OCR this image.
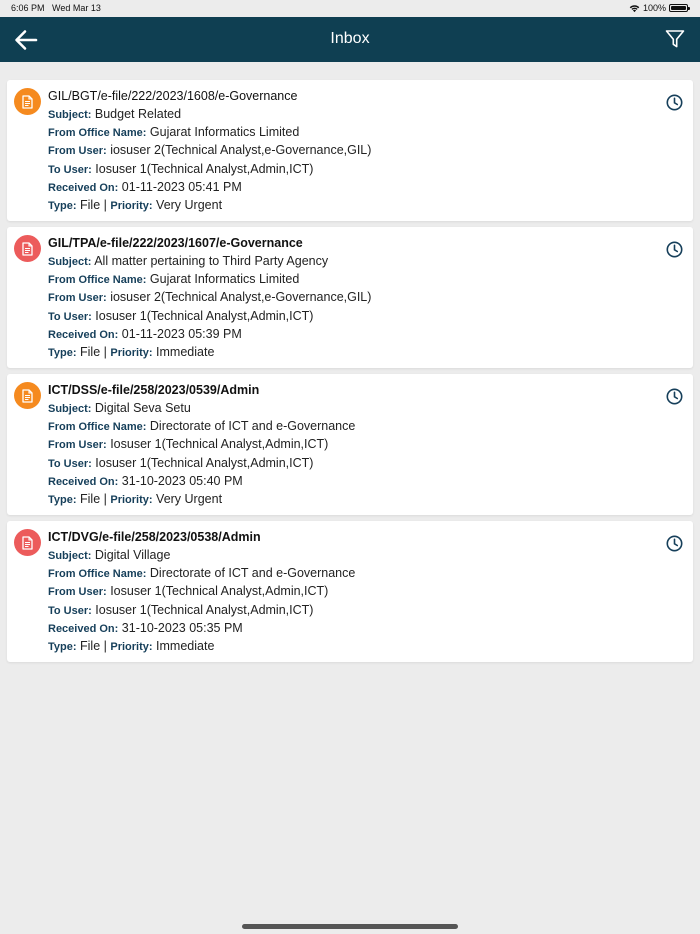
6:06 PM Wed Mar 13	100%
Inbox
GIL/BGT/e-file/222/2023/1608/e-Governance
Subject: Budget Related
From Office Name: Gujarat Informatics Limited
From User: iosuser 2(Technical Analyst,e-Governance,GIL)
To User: Iosuser 1(Technical Analyst,Admin,ICT)
Received On: 01-11-2023 05:41 PM
Type: File | Priority: Very Urgent
GIL/TPA/e-file/222/2023/1607/e-Governance
Subject: All matter pertaining to Third Party Agency
From Office Name: Gujarat Informatics Limited
From User: iosuser 2(Technical Analyst,e-Governance,GIL)
To User: Iosuser 1(Technical Analyst,Admin,ICT)
Received On: 01-11-2023 05:39 PM
Type: File | Priority: Immediate
ICT/DSS/e-file/258/2023/0539/Admin
Subject: Digital Seva Setu
From Office Name: Directorate of ICT and e-Governance
From User: Iosuser 1(Technical Analyst,Admin,ICT)
To User: Iosuser 1(Technical Analyst,Admin,ICT)
Received On: 31-10-2023 05:40 PM
Type: File | Priority: Very Urgent
ICT/DVG/e-file/258/2023/0538/Admin
Subject: Digital Village
From Office Name: Directorate of ICT and e-Governance
From User: Iosuser 1(Technical Analyst,Admin,ICT)
To User: Iosuser 1(Technical Analyst,Admin,ICT)
Received On: 31-10-2023 05:35 PM
Type: File | Priority: Immediate
